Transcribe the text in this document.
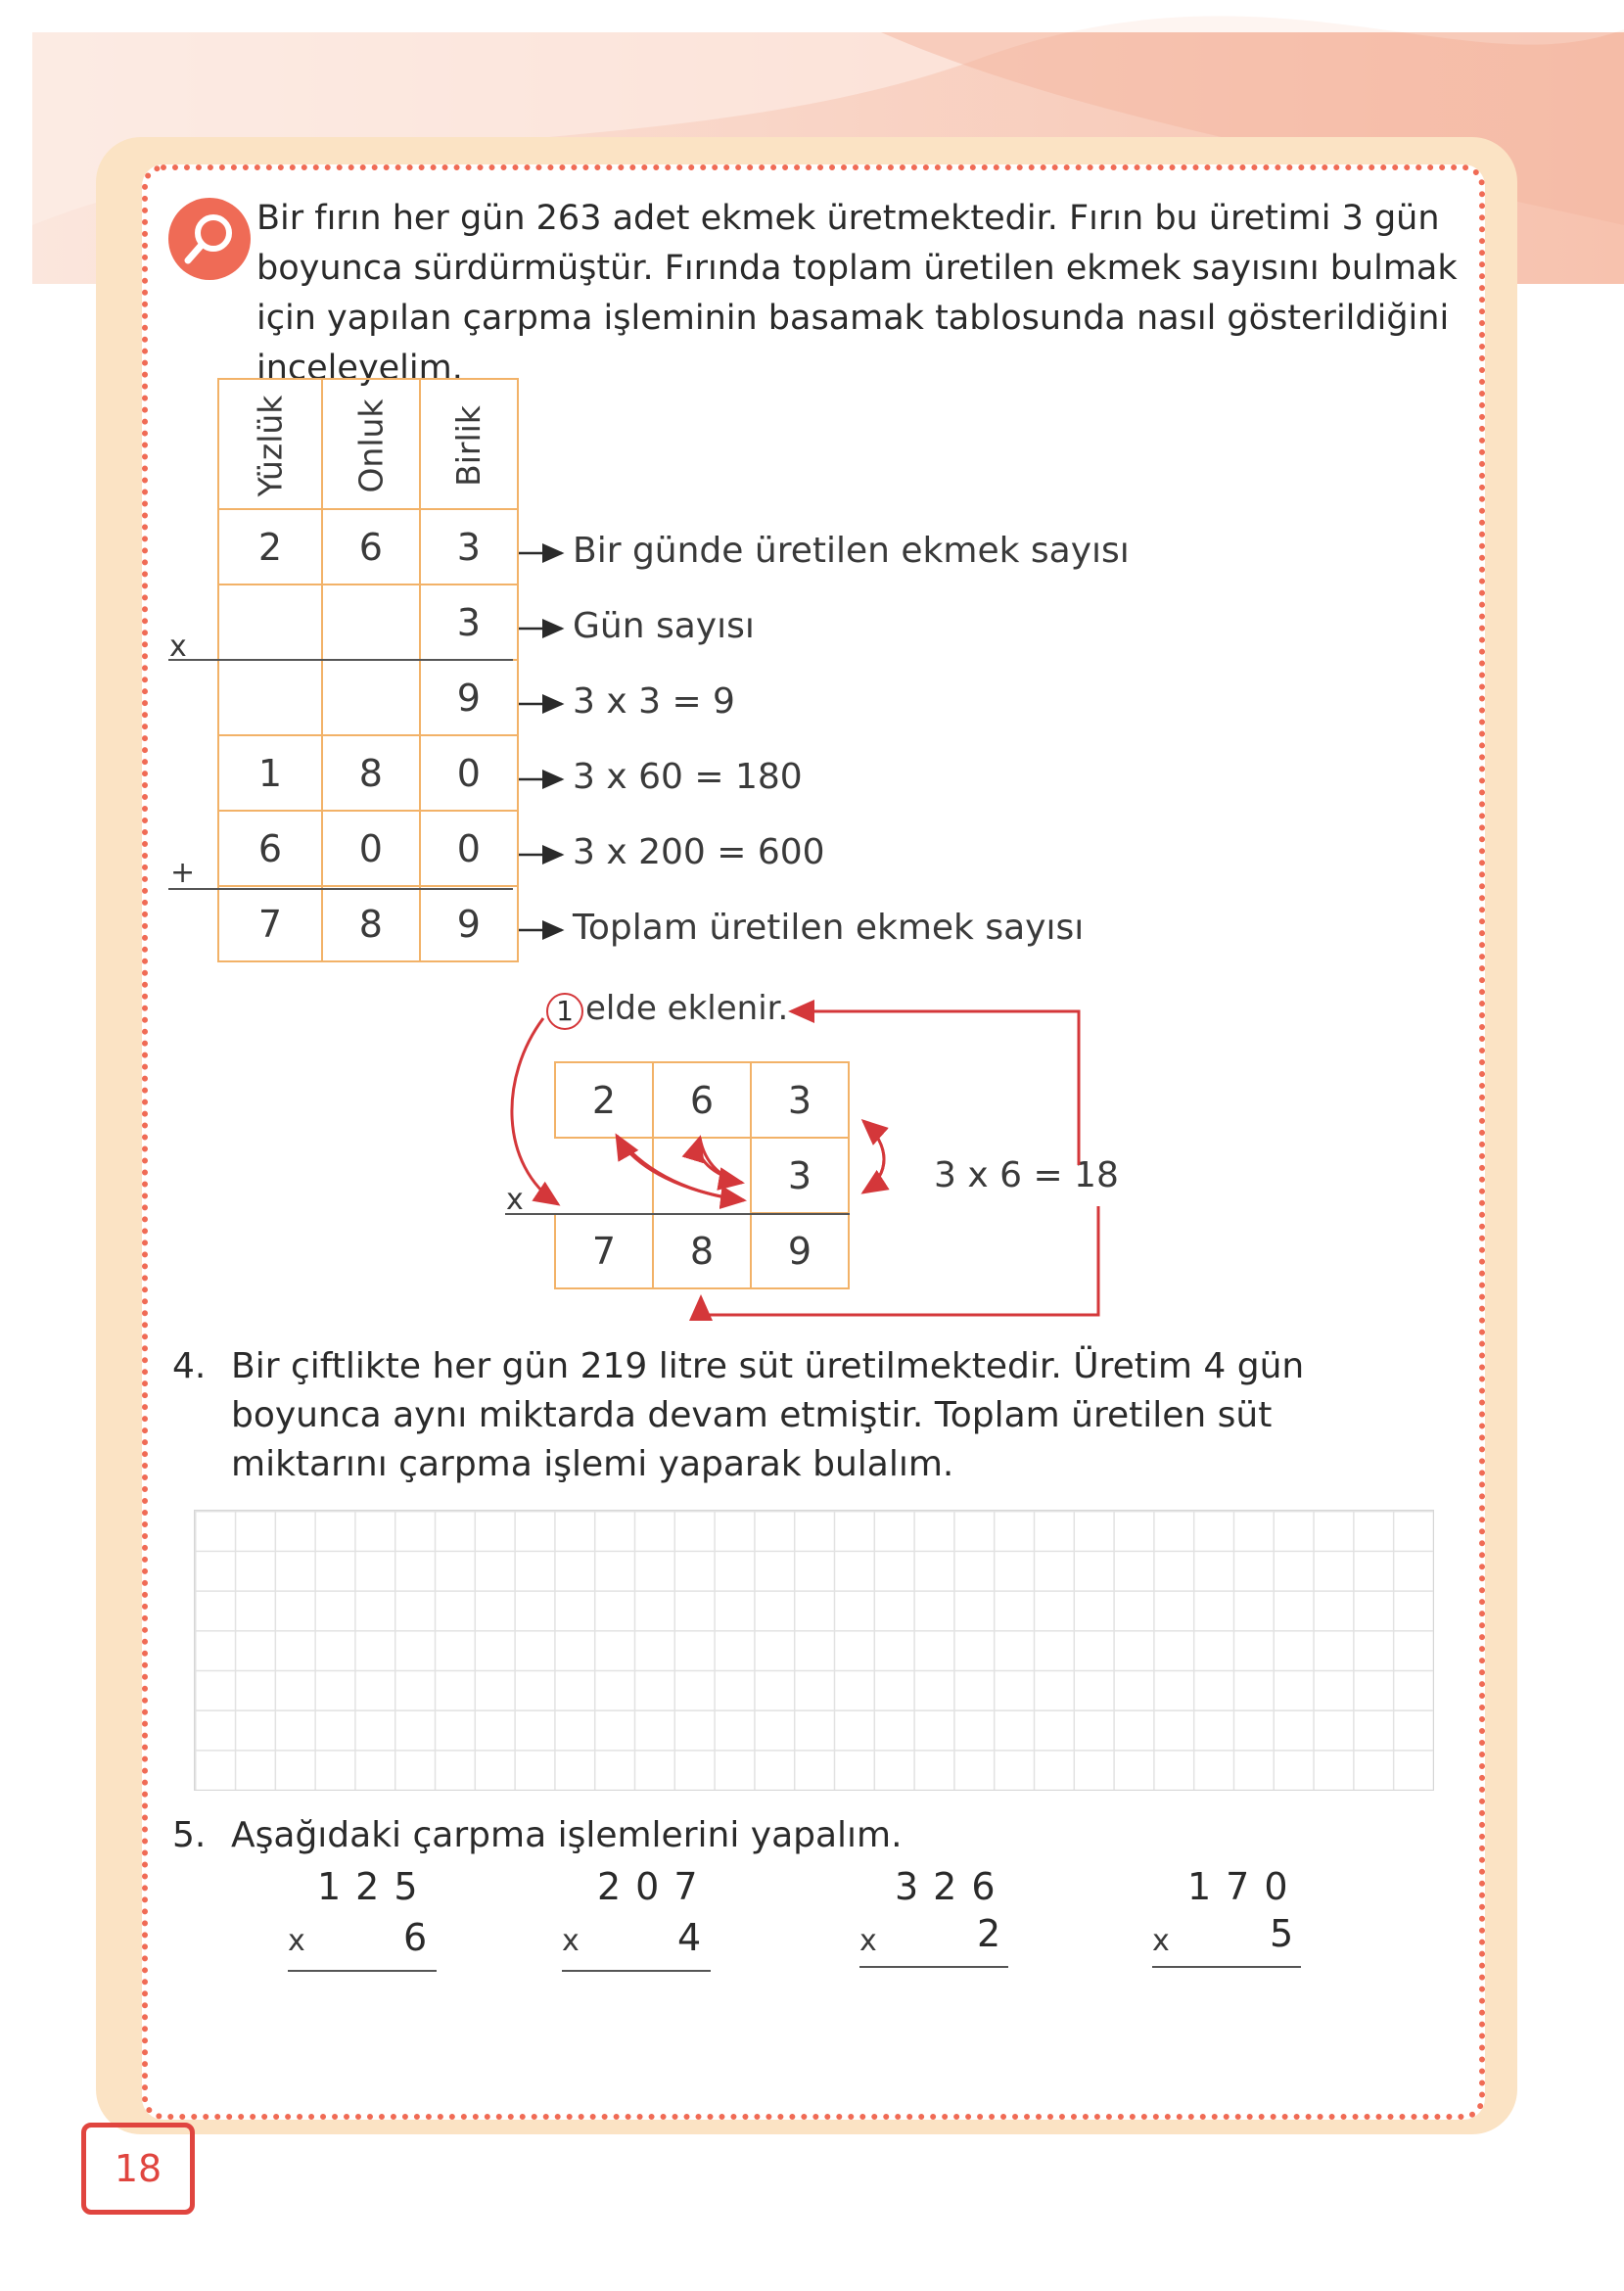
Bir fırın her gün 263 adet ekmek üretmektedir. Fırın bu üretimi 3 gün boyunca sürdürmüştür. Fırında toplam üretilen ekmek sayısını bulmak için yapılan çarpma işleminin basamak tablosunda nasıl gösterildiğini inceleyelim.
Yüzlük	Onluk	Birlik
2	6	3
		3
		9
1	8	0
6	0	0
7	8	9
x
+
Bir günde üretilen ekmek sayısı
Gün sayısı
3 x 3 = 9
3 x 60 = 180
3 x 200 = 600
Toplam üretilen ekmek sayısı
1 elde eklenir.
2	6	3
		3
7	8	9
x
3 x 6 = 18
4. Bir çiftlikte her gün 219 litre süt üretilmektedir. Üretim 4 gün boyunca aynı miktarda devam etmiştir. Toplam üretilen süt miktarını çarpma işlemi yaparak bulalım.
5. Aşağıdaki çarpma işlemlerini yapalım.
125
x	6
207
x	4
326
x	2
170
x	5
18
